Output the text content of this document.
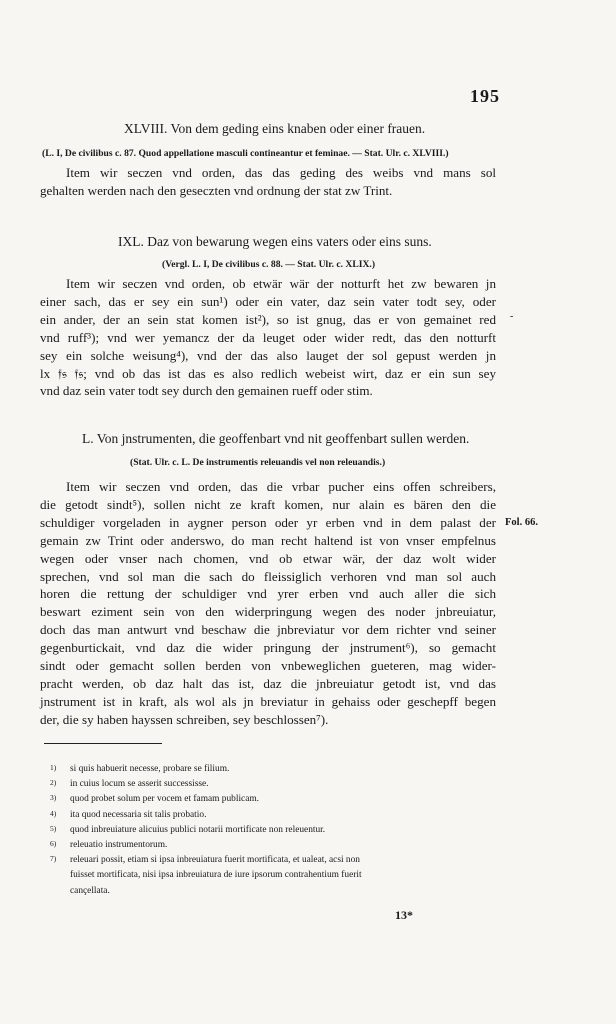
195
XLVIII. Von dem geding eins knaben oder einer frauen.
(L. I, De civilibus c. 87. Quod appellatione masculi contineantur et feminae. — Stat. Ulr. c. XLVIII.)
Item wir seczen vnd orden, das das geding des weibs vnd mans sol
gehalten werden nach den geseczten vnd ordnung der stat zw Trint.
IXL. Daz von bewarung wegen eins vaters oder eins suns.
(Vergl. L. I, De civilibus c. 88. — Stat. Ulr. c. XLIX.)
Item wir seczen vnd orden, ob etwär wär der notturft het zw bewaren jn
einer sach, das er sey ein sun¹) oder ein vater, daz sein vater todt sey, oder
ein ander, der an sein stat komen ist²), so ist gnug, das er von gemainet red
vnd ruff³); vnd wer yemancz der da leuget oder wider redt, das den notturft
sey ein solche weisung⁴), vnd der das also lauget der sol gepust werden jn
lx 𝔣𝔰 𝔣𝔰; vnd ob das ist das es also redlich webeist wirt, daz er ein sun sey
vnd daz sein vater todt sey durch den gemainen rueff oder stim.
-
L. Von jnstrumenten, die geoffenbart vnd nit geoffenbart sullen werden.
(Stat. Ulr. c. L. De instrumentis releuandis vel non releuandis.)
Item wir seczen vnd orden, das die vrbar pucher eins offen schreibers,
die getodt sindt⁵), sollen nicht ze kraft komen, nur alain es bären den die
schuldiger vorgeladen in aygner person oder yr erben vnd in dem palast der
gemain zw Trint oder anderswo, do man recht haltend ist von vnser empfelnus
wegen oder vnser nach chomen, vnd ob etwar wär, der daz wolt wider
sprechen, vnd sol man die sach do fleissiglich verhoren vnd man sol auch
horen die rettung der schuldiger vnd yrer erben vnd auch aller die sich
beswart eziment sein von den widerpringung wegen des noder jnbreuiatur,
doch das man antwurt vnd beschaw die jnbreviatur vor dem richter vnd seiner
gegenburtickait, vnd daz die wider pringung der jnstrument⁶), so gemacht
sindt oder gemacht sollen berden von vnbeweglichen gueteren, mag wider-
pracht werden, ob daz halt das ist, daz die jnbreuiatur getodt ist, vnd das
jnstrument ist in kraft, als wol als jn breviatur in gehaiss oder geschepff begen
der, die sy haben hayssen schreiben, sey beschlossen⁷).
Fol. 66.
1) si quis habuerit necesse, probare se filium.
2) in cuius locum se asserit successisse.
3) quod probet solum per vocem et famam publicam.
4) ita quod necessaria sit talis probatio.
5) quod inbreuiature alicuius publici notarii mortificate non releuentur.
6) releuatio instrumentorum.
7) releuari possit, etiam si ipsa inbreuiatura fuerit mortificata, et ualeat, acsi non
fuisset mortificata, nisi ipsa inbreuiatura de iure ipsorum contrahentium fuerit
cançellata.
13*
